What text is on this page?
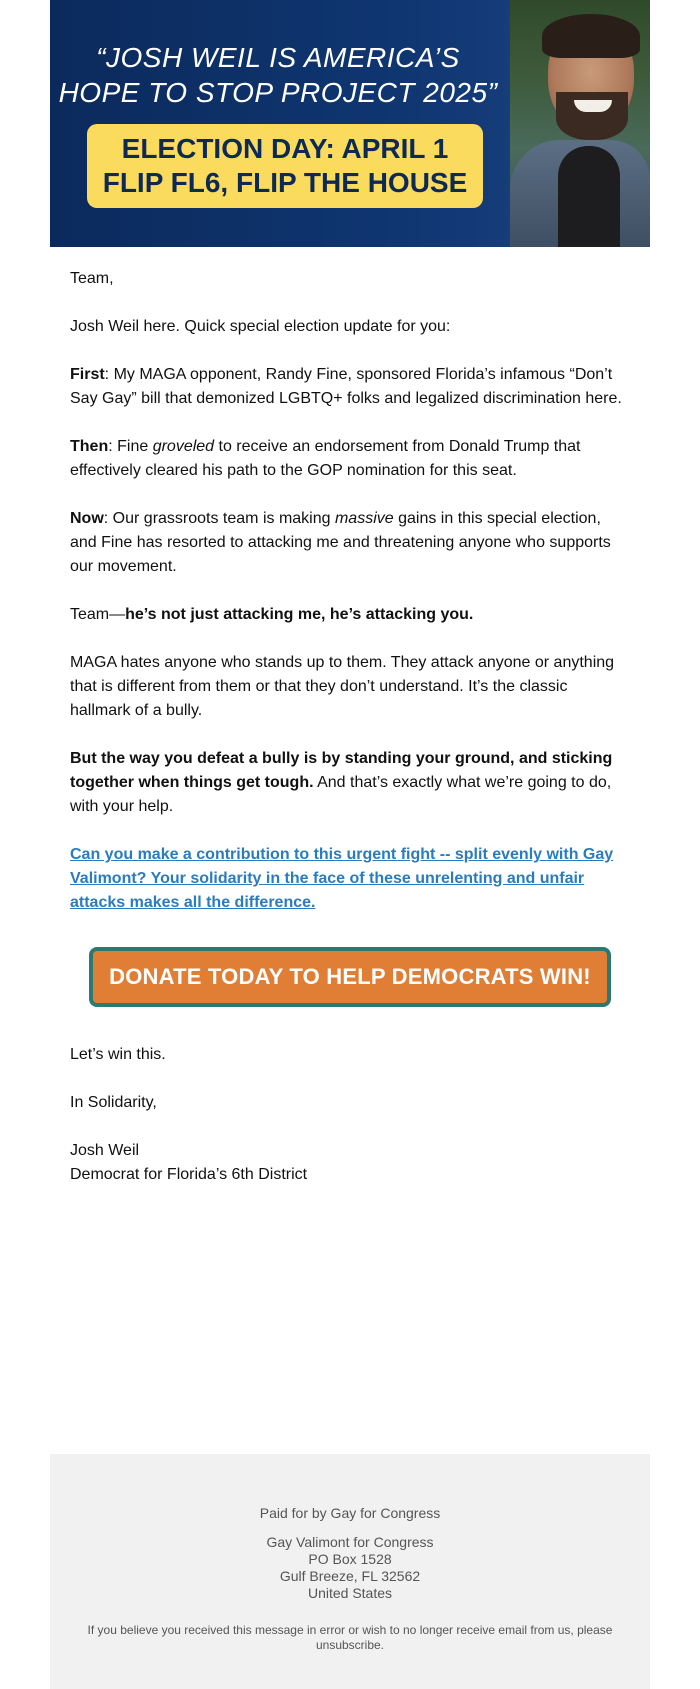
“JOSH WEIL IS AMERICA’S
HOPE TO STOP PROJECT 2025”
ELECTION DAY: APRIL 1
FLIP FL6, FLIP THE HOUSE

Team,

Josh Weil here. Quick special election update for you:

First: My MAGA opponent, Randy Fine, sponsored Florida’s infamous “Don’t Say Gay” bill that demonized LGBTQ+ folks and legalized discrimination here.

Then: Fine groveled to receive an endorsement from Donald Trump that effectively cleared his path to the GOP nomination for this seat.

Now: Our grassroots team is making massive gains in this special election, and Fine has resorted to attacking me and threatening anyone who supports our movement.

Team—he’s not just attacking me, he’s attacking you.

MAGA hates anyone who stands up to them. They attack anyone or anything that is different from them or that they don’t understand. It’s the classic hallmark of a bully.

But the way you defeat a bully is by standing your ground, and sticking together when things get tough. And that’s exactly what we’re going to do, with your help.

Can you make a contribution to this urgent fight -- split evenly with Gay Valimont? Your solidarity in the face of these unrelenting and unfair attacks makes all the difference.
DONATE TODAY TO HELP DEMOCRATS WIN!

Let’s win this.

In Solidarity,

Josh Weil
Democrat for Florida’s 6th District

Paid for by Gay for Congress
Gay Valimont for Congress
PO Box 1528
Gulf Breeze, FL 32562
United States
If you believe you received this message in error or wish to no longer receive email from us, please unsubscribe.
